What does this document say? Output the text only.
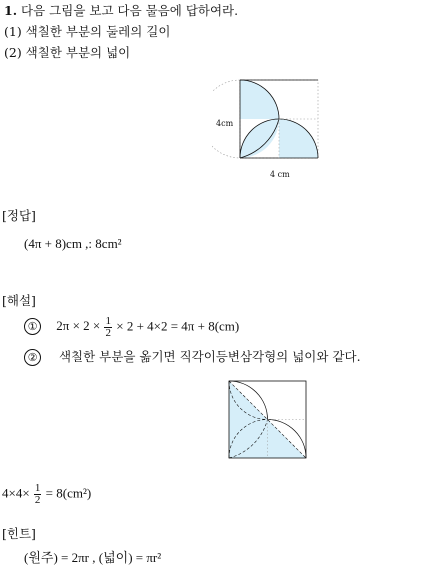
1. 다음 그림을 보고 다음 물음에 답하여라.
(1) 색칠한 부분의 둘레의 길이
(2) 색칠한 부분의 넓이
4cm
4 cm
[정답]
(4π + 8)cm ,: 8cm²
[해설]
① $2\pi \times 2 \times \frac{1}{2} \times 2 + 4\times 2 = 4\pi + 8(cm)$
② 색칠한 부분을 옮기면 직각이등변삼각형의 넓이와 같다.
$4\times 4\times \frac{1}{2} = 8(cm^2)$
[힌트]
(원주) = 2πr , (넓이) = πr²
